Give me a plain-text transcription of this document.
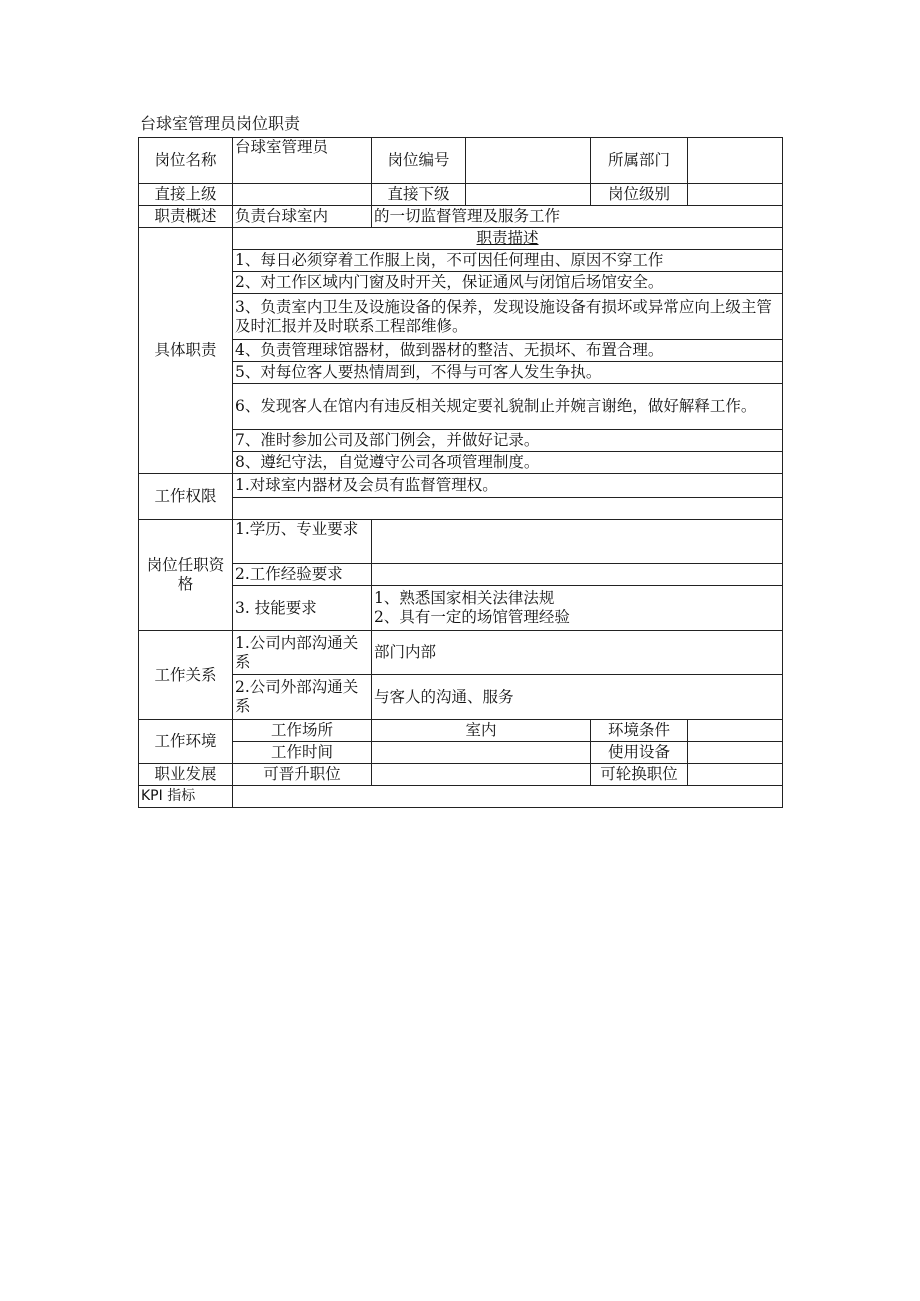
台球室管理员岗位职责
岗位名称	台球室管理员	岗位编号		所属部门	
直接上级		直接下级		岗位级别	
职责概述	负责台球室内	的一切监督管理及服务工作			
具体职责	职责描述				
	1、每日必须穿着工作服上岗，不可因任何理由、原因不穿工作				
	2、对工作区域内门窗及时开关，保证通风与闭馆后场馆安全。				
	3、负责室内卫生及设施设备的保养，发现设施设备有损坏或异常应向上级主管及时汇报并及时联系工程部维修。				
	4、负责管理球馆器材，做到器材的整洁、无损坏、布置合理。				
	5、对每位客人要热情周到，不得与可客人发生争执。				
	6、发现客人在馆内有违反相关规定要礼貌制止并婉言谢绝，做好解释工作。				
	7、准时参加公司及部门例会，并做好记录。				
	8、遵纪守法，自觉遵守公司各项管理制度。				
工作权限	1.对球室内器材及会员有监督管理权。				

岗位任职资格	1.学历、专业要求				
	2.工作经验要求				
	3. 技能要求	1、熟悉国家相关法律法规
2、具有一定的场馆管理经验			

工作关系	1.公司内部沟通关系	部门内部			
	2.公司外部沟通关系	与客人的沟通、服务			
工作环境	工作场所	室内		环境条件	
	工作时间			使用设备	
职业发展	可晋升职位			可轮换职位	
KPI 指标					
